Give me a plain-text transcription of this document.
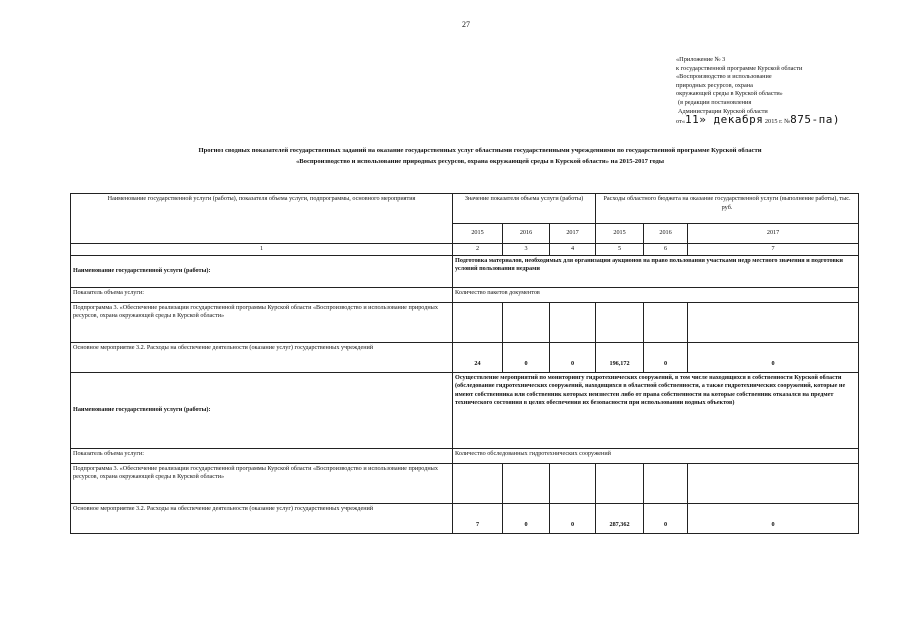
27
«Приложение № 3
к государственной программе Курской области
«Воспроизводство и использование
природных ресурсов, охрана
окружающей среды в Курской области»
(в редакции постановления
Администрации Курской области
от«11» декабря 2015 г. №875-па)
Прогноз сводных показателей государственных заданий на оказание государственных услуг областными государственными учреждениями по государственной программе Курской области
«Воспроизводство и использование природных ресурсов, охрана окружающей среды в Курской области» на 2015-2017 годы
Наименование государственной услуги (работы), показателя объема услуги, подпрограммы, основного мероприятия	Значение показателя объема услуги (работы)			Расходы областного бюджета на оказание государственной услуги (выполнение работы), тыс. руб.		
	2015	2016	2017	2015	2016	2017
1	2	3	4	5	6	7
Наименование государственной услуги (работы):	Подготовка материалов, необходимых для организации аукционов на право пользования участками недр местного значения и подготовки условий пользования недрами					
Показатель объема услуги:	Количество пакетов документов					
Подпрограмма 3. «Обеспечение реализации государственной программы Курской области «Воспроизводство и использование природных ресурсов, охрана окружающей среды в Курской области»						
Основное мероприятие 3.2. Расходы на обеспечение деятельности (оказание услуг) государственных учреждений	24	0	0	196,172	0	0
Наименование государственной услуги (работы):	Осуществление мероприятий по мониторингу гидротехнических сооружений, в том числе находящихся в собственности Курской области (обследование гидротехнических сооружений, находящихся в областной собственности, а также гидротехнических сооружений, которые не имеют собственника или собственник которых неизвестен либо от права собственности на которые собственник отказался на предмет технического состояния в целях обеспечения их безопасности при использовании водных объектов)					
Показатель объема услуги:	Количество обследованных гидротехнических сооружений					
Подпрограмма 3. «Обеспечение реализации государственной программы Курской области «Воспроизводство и использование природных ресурсов, охрана окружающей среды в Курской области»						
Основное мероприятие 3.2. Расходы на обеспечение деятельности (оказание услуг) государственных учреждений	7	0	0	287,362	0	0
